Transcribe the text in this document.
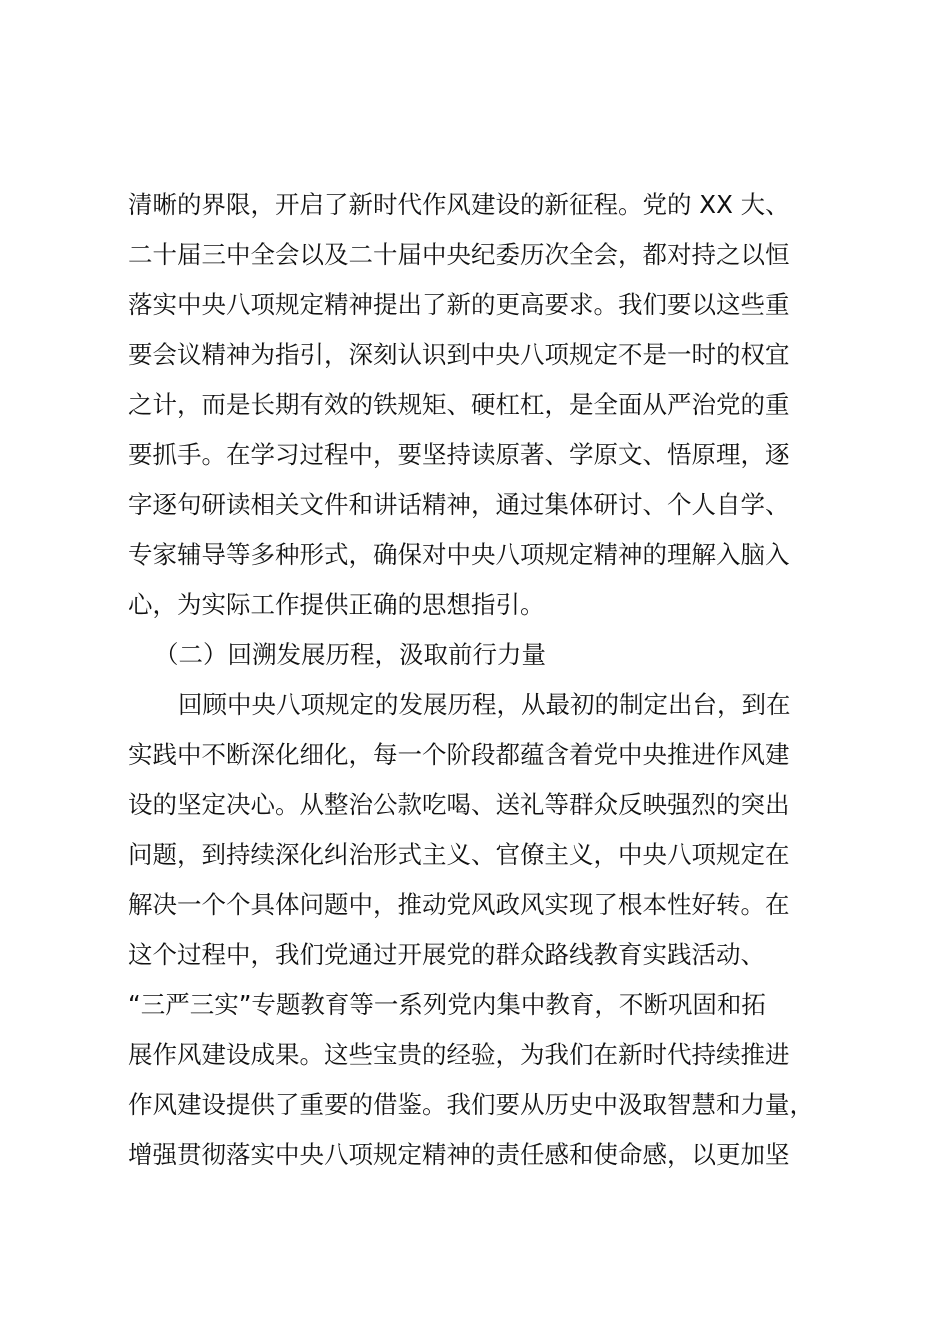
清晰的界限，开启了新时代作风建设的新征程。党的 XX 大、
二十届三中全会以及二十届中央纪委历次全会，都对持之以恒
落实中央八项规定精神提出了新的更高要求。我们要以这些重
要会议精神为指引，深刻认识到中央八项规定不是一时的权宜
之计，而是长期有效的铁规矩、硬杠杠，是全面从严治党的重
要抓手。在学习过程中，要坚持读原著、学原文、悟原理，逐
字逐句研读相关文件和讲话精神，通过集体研讨、个人自学、
专家辅导等多种形式，确保对中央八项规定精神的理解入脑入
心，为实际工作提供正确的思想指引。
（二）回溯发展历程，汲取前行力量
回顾中央八项规定的发展历程，从最初的制定出台，到在
实践中不断深化细化，每一个阶段都蕴含着党中央推进作风建
设的坚定决心。从整治公款吃喝、送礼等群众反映强烈的突出
问题，到持续深化纠治形式主义、官僚主义，中央八项规定在
解决一个个具体问题中，推动党风政风实现了根本性好转。在
这个过程中，我们党通过开展党的群众路线教育实践活动、
“三严三实”专题教育等一系列党内集中教育，不断巩固和拓
展作风建设成果。这些宝贵的经验，为我们在新时代持续推进
作风建设提供了重要的借鉴。我们要从历史中汲取智慧和力量，
增强贯彻落实中央八项规定精神的责任感和使命感，以更加坚
